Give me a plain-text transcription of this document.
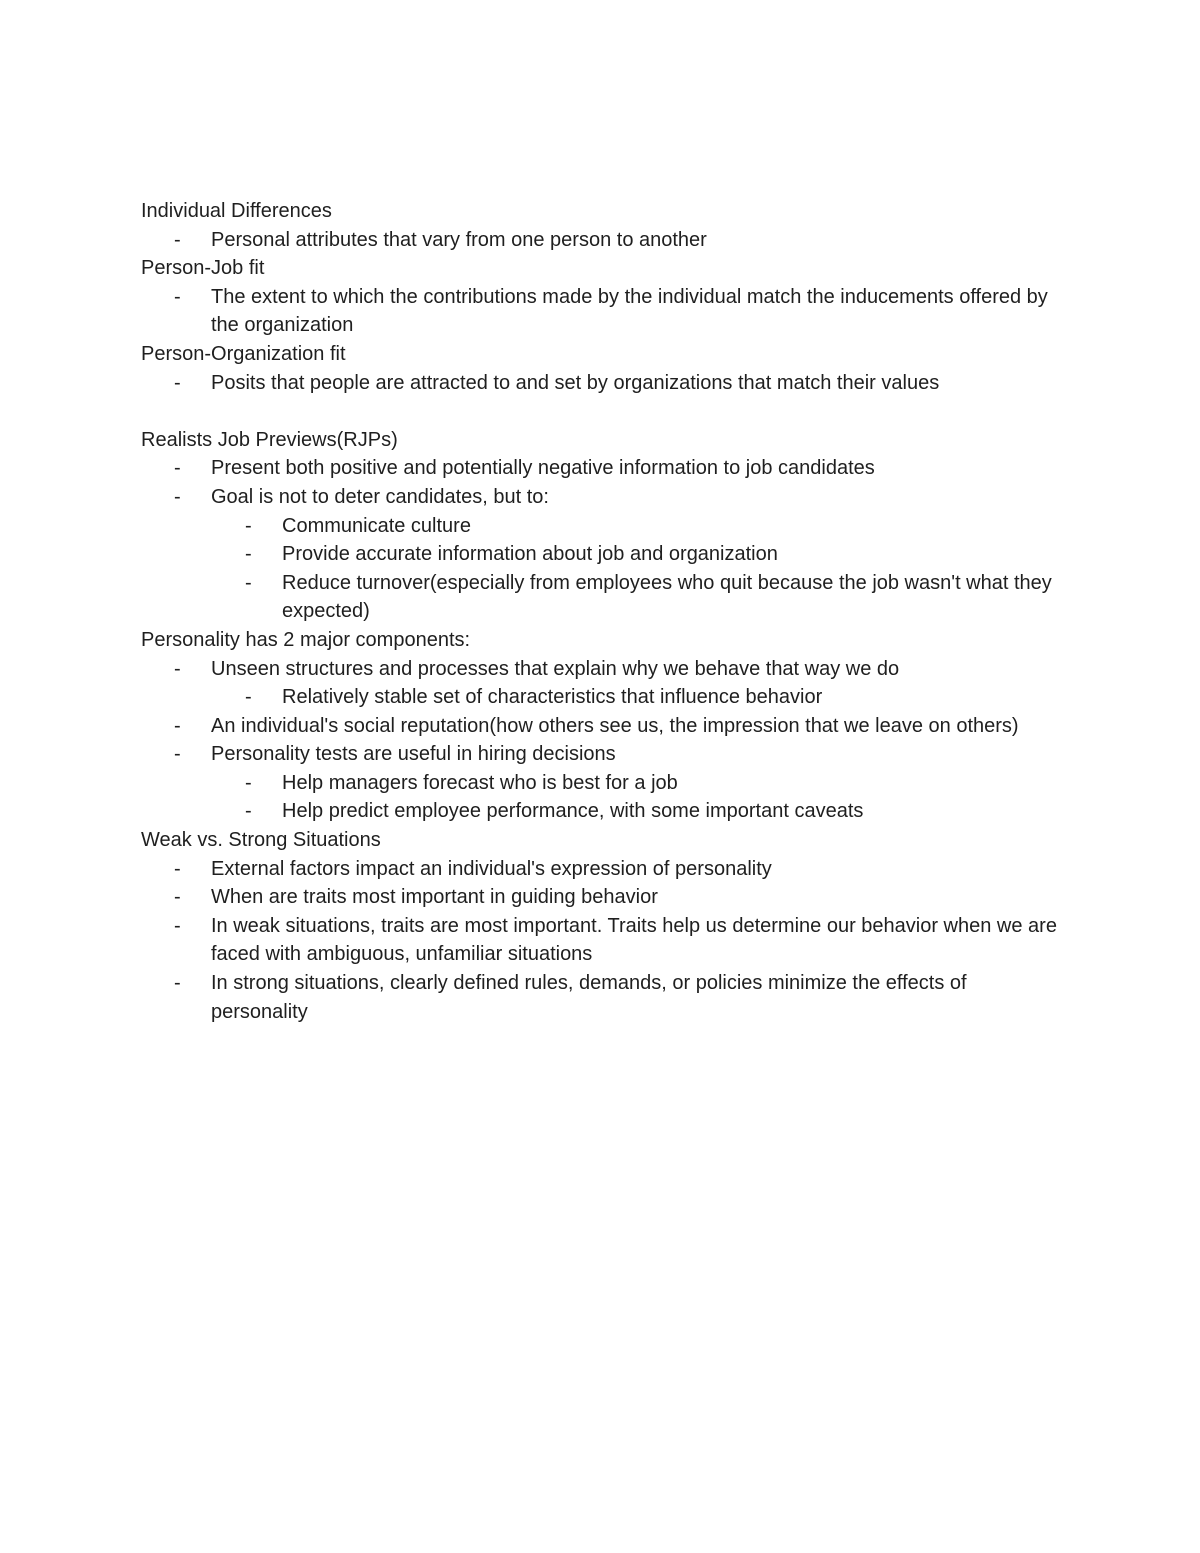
Individual Differences
-	Personal attributes that vary from one person to another
Person-Job fit
-	The extent to which the contributions made by the individual match the inducements offered by the organization
Person-Organization fit
-	Posits that people are attracted to and set by organizations that match their values
Realists Job Previews(RJPs)
-	Present both positive and potentially negative information to job candidates
-	Goal is not to deter candidates, but to:
-	Communicate culture
-	Provide accurate information about job and organization
-	Reduce turnover(especially from employees who quit because the job wasn't what they expected)
Personality has 2 major components:
-	Unseen structures and processes that explain why we behave that way we do
-	Relatively stable set of characteristics that influence behavior
-	An individual's social reputation(how others see us, the impression that we leave on others)
-	Personality tests are useful in hiring decisions
-	Help managers forecast who is best for a job
-	Help predict employee performance, with some important caveats
Weak vs. Strong Situations
-	External factors impact an individual's expression of personality
-	When are traits most important in guiding behavior
-	In weak situations, traits are most important. Traits help us determine our behavior when we are faced with ambiguous, unfamiliar situations
-	In strong situations, clearly defined rules, demands, or policies minimize the effects of personality
